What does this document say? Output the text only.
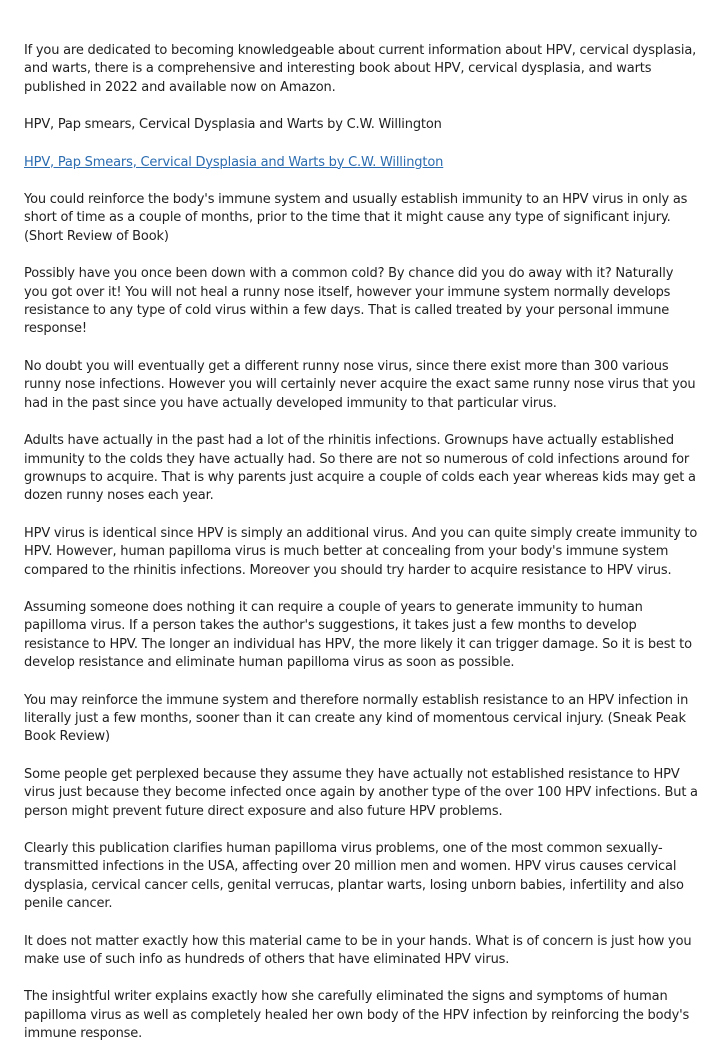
If you are dedicated to becoming knowledgeable about current information about HPV, cervical dysplasia, and warts, there is a comprehensive and interesting book about HPV, cervical dysplasia, and warts published in 2022 and available now on Amazon.

HPV, Pap smears, Cervical Dysplasia and Warts by C.W. Willington

HPV, Pap Smears, Cervical Dysplasia and Warts by C.W. Willington

You could reinforce the body's immune system and usually establish immunity to an HPV virus in only as short of time as a couple of months, prior to the time that it might cause any type of significant injury. (Short Review of Book)

Possibly have you once been down with a common cold? By chance did you do away with it? Naturally you got over it! You will not heal a runny nose itself, however your immune system normally develops resistance to any type of cold virus within a few days. That is called treated by your personal immune response!

No doubt you will eventually get a different runny nose virus, since there exist more than 300 various runny nose infections. However you will certainly never acquire the exact same runny nose virus that you had in the past since you have actually developed immunity to that particular virus.

Adults have actually in the past had a lot of the rhinitis infections. Grownups have actually established immunity to the colds they have actually had. So there are not so numerous of cold infections around for grownups to acquire. That is why parents just acquire a couple of colds each year whereas kids may get a dozen runny noses each year.

HPV virus is identical since HPV is simply an additional virus. And you can quite simply create immunity to HPV. However, human papilloma virus is much better at concealing from your body's immune system compared to the rhinitis infections. Moreover you should try harder to acquire resistance to HPV virus.

Assuming someone does nothing it can require a couple of years to generate immunity to human papilloma virus. If a person takes the author's suggestions, it takes just a few months to develop resistance to HPV. The longer an individual has HPV, the more likely it can trigger damage. So it is best to develop resistance and eliminate human papilloma virus as soon as possible.

You may reinforce the immune system and therefore normally establish resistance to an HPV infection in literally just a few months, sooner than it can create any kind of momentous cervical injury. (Sneak Peak Book Review)

Some people get perplexed because they assume they have actually not established resistance to HPV virus just because they become infected once again by another type of the over 100 HPV infections. But a person might prevent future direct exposure and also future HPV problems.

Clearly this publication clarifies human papilloma virus problems, one of the most common sexually-transmitted infections in the USA, affecting over 20 million men and women. HPV virus causes cervical dysplasia, cervical cancer cells, genital verrucas, plantar warts, losing unborn babies, infertility and also penile cancer.

It does not matter exactly how this material came to be in your hands. What is of concern is just how you make use of such info as hundreds of others that have eliminated HPV virus.

The insightful writer explains exactly how she carefully eliminated the signs and symptoms of human papilloma virus as well as completely healed her own body of the HPV infection by reinforcing the body's immune response.
